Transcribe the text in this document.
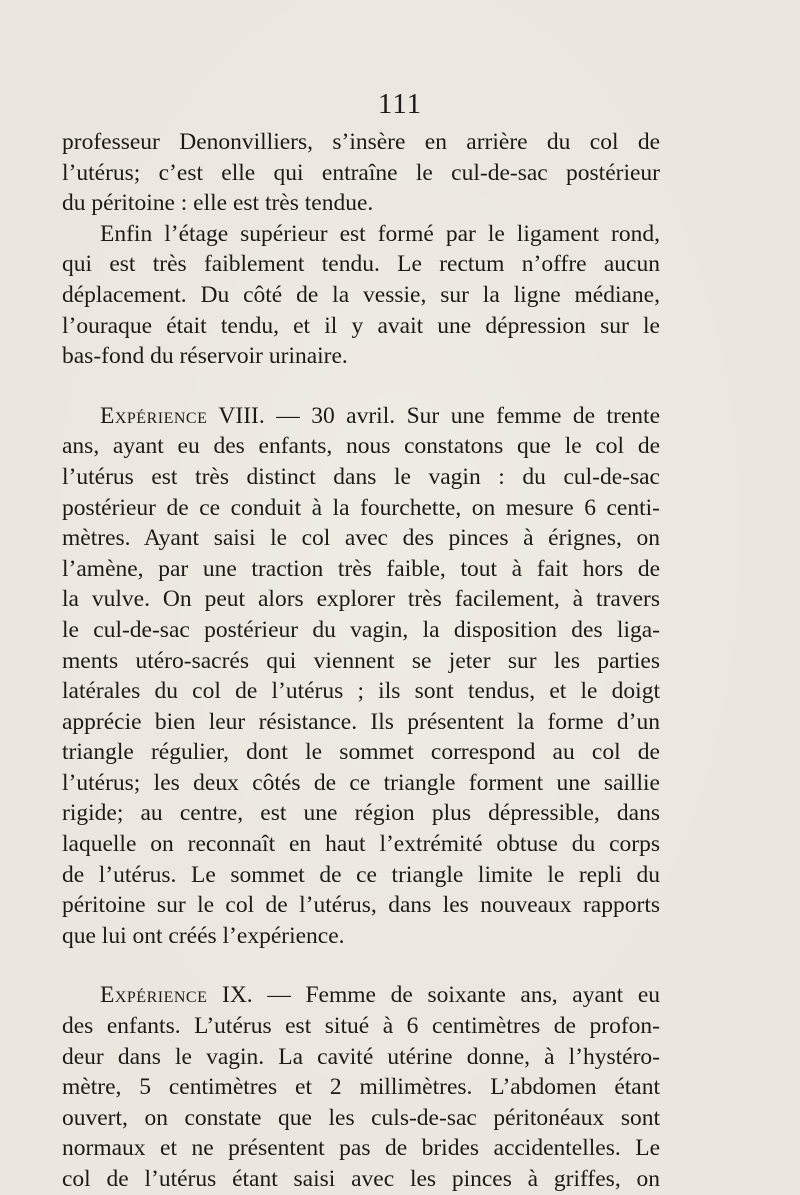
111
professeur Denonvilliers, s’insère en arrière du col de
l’utérus; c’est elle qui entraîne le cul-de-sac postérieur
du péritoine : elle est très tendue.
Enfin l’étage supérieur est formé par le ligament rond,
qui est très faiblement tendu. Le rectum n’offre aucun
déplacement. Du côté de la vessie, sur la ligne médiane,
l’ouraque était tendu, et il y avait une dépression sur le
bas-fond du réservoir urinaire.
Expérience VIII. — 30 avril. Sur une femme de trente
ans, ayant eu des enfants, nous constatons que le col de
l’utérus est très distinct dans le vagin : du cul-de-sac
postérieur de ce conduit à la fourchette, on mesure 6 centi-
mètres. Ayant saisi le col avec des pinces à érignes, on
l’amène, par une traction très faible, tout à fait hors de
la vulve. On peut alors explorer très facilement, à travers
le cul-de-sac postérieur du vagin, la disposition des liga-
ments utéro-sacrés qui viennent se jeter sur les parties
latérales du col de l’utérus ; ils sont tendus, et le doigt
apprécie bien leur résistance. Ils présentent la forme d’un
triangle régulier, dont le sommet correspond au col de
l’utérus; les deux côtés de ce triangle forment une saillie
rigide; au centre, est une région plus dépressible, dans
laquelle on reconnaît en haut l’extrémité obtuse du corps
de l’utérus. Le sommet de ce triangle limite le repli du
péritoine sur le col de l’utérus, dans les nouveaux rapports
que lui ont créés l’expérience.
Expérience IX. — Femme de soixante ans, ayant eu
des enfants. L’utérus est situé à 6 centimètres de profon-
deur dans le vagin. La cavité utérine donne, à l’hystéro-
mètre, 5 centimètres et 2 millimètres. L’abdomen étant
ouvert, on constate que les culs-de-sac péritonéaux sont
normaux et ne présentent pas de brides accidentelles. Le
col de l’utérus étant saisi avec les pinces à griffes, on
